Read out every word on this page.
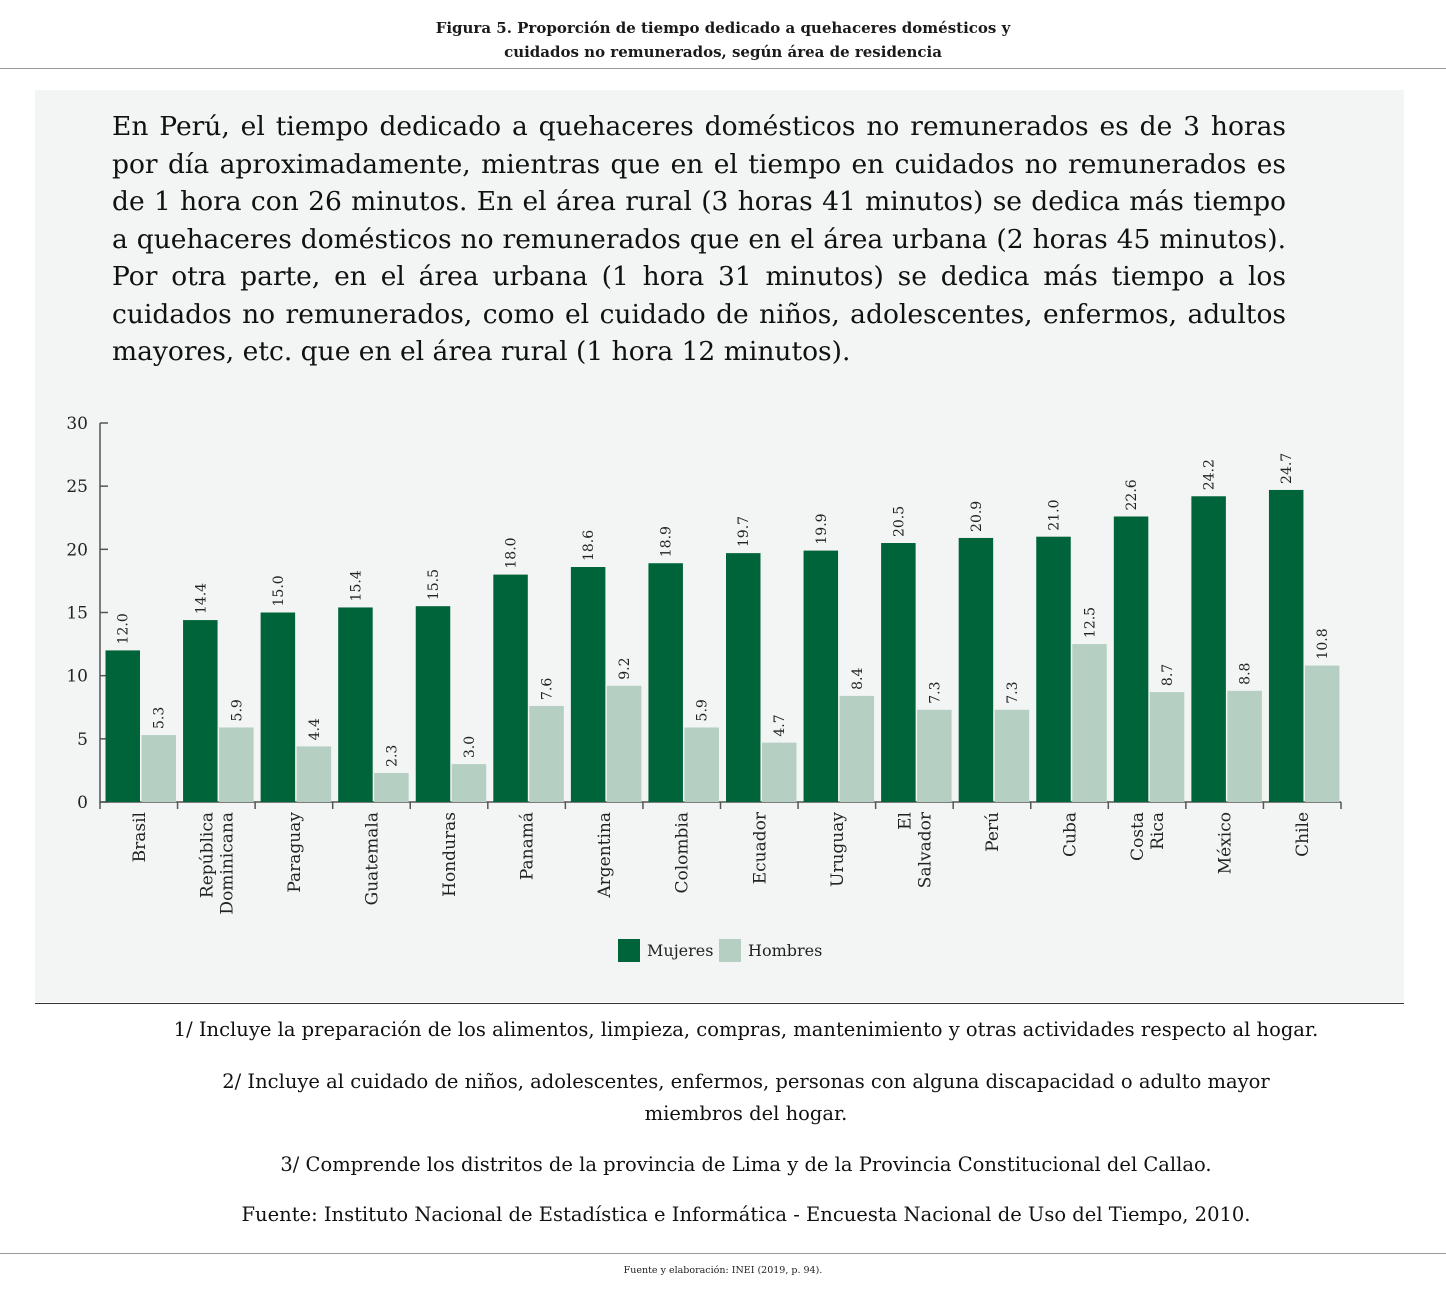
Figura 5. Proporción de tiempo dedicado a quehaceres domésticos y
cuidados no remunerados, según área de residencia
En Perú, el tiempo dedicado a quehaceres domésticos no remunerados es de 3 horas por día aproximadamente, mientras que en el tiempo en cuidados no remunerados es de 1 hora con 26 minutos. En el área rural (3 horas 41 minutos) se dedica más tiempo a quehaceres domésticos no remunerados que en el área urbana (2 horas 45 minutos). Por otra parte, en el área urbana (1 hora 31 minutos) se dedica más tiempo a los cuidados no remunerados, como el cuidado de niños, adolescentes, enfermos, adultos mayores, etc. que en el área rural (1 hora 12 minutos).
0
5
10
15
20
25
30
12.0
5.3
Brasil
14.4
5.9
República Dominicana
15.0
4.4
Paraguay
15.4
2.3
Guatemala
15.5
3.0
Honduras
18.0
7.6
Panamá
18.6
9.2
Argentina
18.9
5.9
Colombia
19.7
4.7
Ecuador
19.9
8.4
Uruguay
20.5
7.3
El Salvador
20.9
7.3
Perú
21.0
12.5
Cuba
22.6
8.7
Costa Rica
24.2
8.8
México
24.7
10.8
Chile
Mujeres Hombres

1/ Incluye la preparación de los alimentos, limpieza, compras, mantenimiento y otras actividades respecto al hogar.

2/ Incluye al cuidado de niños, adolescentes, enfermos, personas con alguna discapacidad o adulto mayor miembros del hogar.

3/ Comprende los distritos de la provincia de Lima y de la Provincia Constitucional del Callao.

Fuente: Instituto Nacional de Estadística e Informática - Encuesta Nacional de Uso del Tiempo, 2010.

Fuente y elaboración: INEI (2019, p. 94).
